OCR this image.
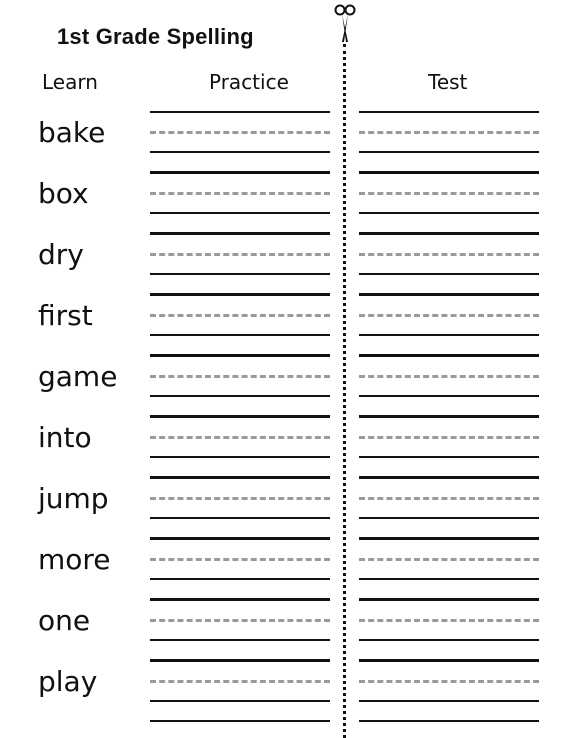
1st Grade Spelling
Learn	Practice	Test
bake
box
dry
first
game
into
jump
more
one
play
